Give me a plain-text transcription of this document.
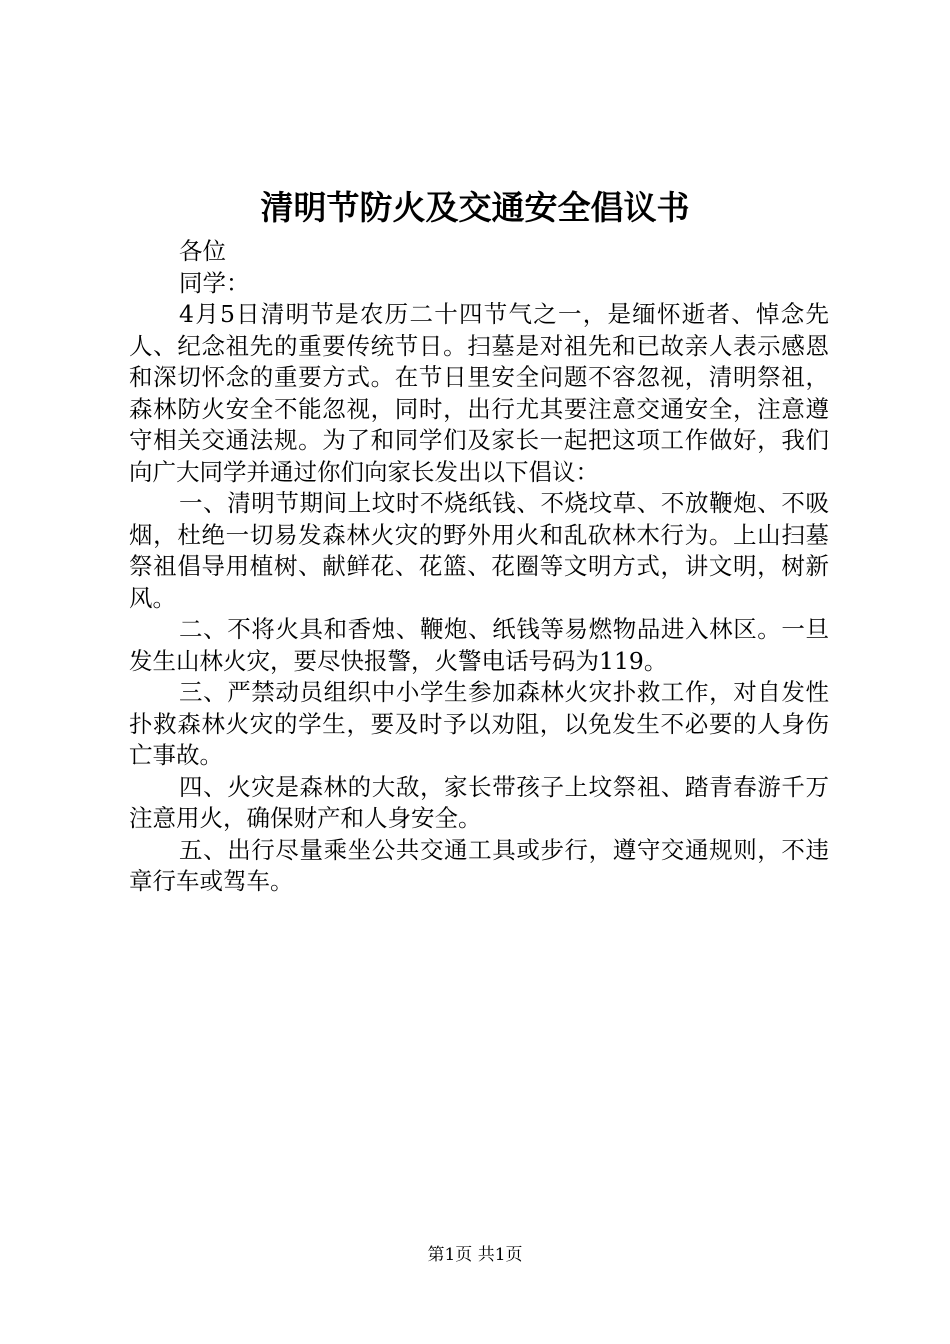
清明节防火及交通安全倡议书

各位

同学：

4月5日清明节是农历二十四节气之一，是缅怀逝者、悼念先人、纪念祖先的重要传统节日。扫墓是对祖先和已故亲人表示感恩和深切怀念的重要方式。在节日里安全问题不容忽视，清明祭祖，森林防火安全不能忽视，同时，出行尤其要注意交通安全，注意遵守相关交通法规。为了和同学们及家长一起把这项工作做好，我们向广大同学并通过你们向家长发出以下倡议：

一、清明节期间上坟时不烧纸钱、不烧坟草、不放鞭炮、不吸烟，杜绝一切易发森林火灾的野外用火和乱砍林木行为。上山扫墓祭祖倡导用植树、献鲜花、花篮、花圈等文明方式，讲文明，树新风。

二、不将火具和香烛、鞭炮、纸钱等易燃物品进入林区。一旦发生山林火灾，要尽快报警，火警电话号码为119。

三、严禁动员组织中小学生参加森林火灾扑救工作，对自发性扑救森林火灾的学生，要及时予以劝阻，以免发生不必要的人身伤亡事故。

四、火灾是森林的大敌，家长带孩子上坟祭祖、踏青春游千万注意用火，确保财产和人身安全。

五、出行尽量乘坐公共交通工具或步行，遵守交通规则，不违章行车或驾车。

第1页 共1页
